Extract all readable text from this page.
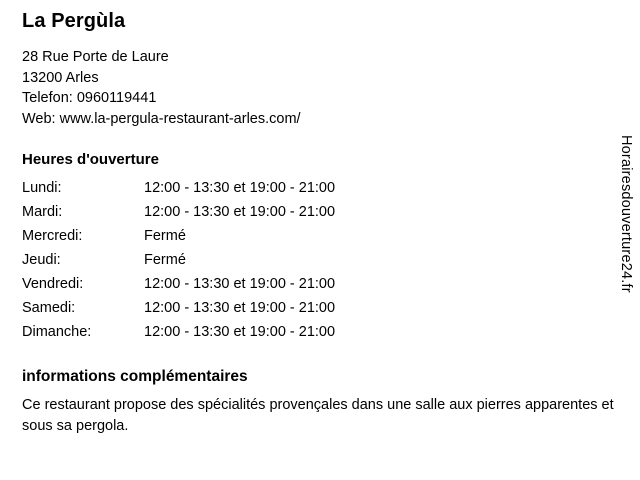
La Pergùla

28 Rue Porte de Laure

13200 Arles

Telefon: 0960119441

Web: www.la-pergula-restaurant-arles.com/

Heures d'ouverture
Lundi:	12:00 - 13:30 et 19:00 - 21:00
Mardi:	12:00 - 13:30 et 19:00 - 21:00
Mercredi:	Fermé
Jeudi:	Fermé
Vendredi:	12:00 - 13:30 et 19:00 - 21:00
Samedi:	12:00 - 13:30 et 19:00 - 21:00
Dimanche:	12:00 - 13:30 et 19:00 - 21:00
informations complémentaires

Ce restaurant propose des spécialités provençales dans une salle aux pierres apparentes et sous sa pergola.

Horairesdouverture24.fr
